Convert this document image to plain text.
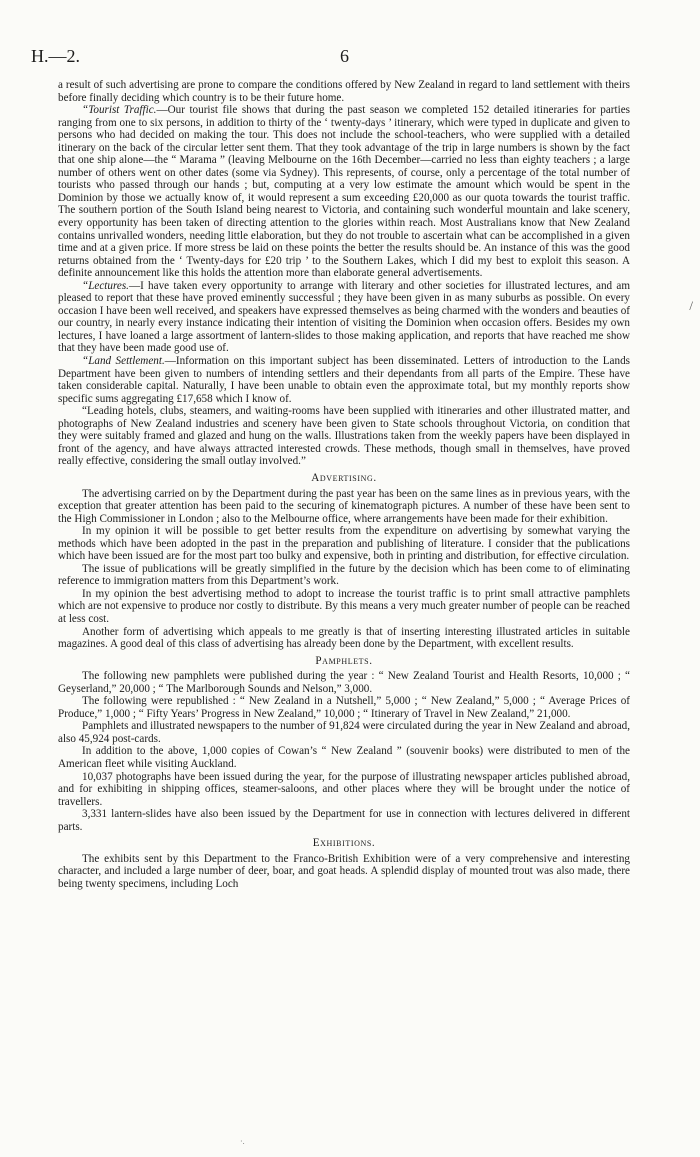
H.—2.	6
/

a result of such advertising are prone to compare the conditions offered by New Zealand in regard to land settlement with theirs before finally deciding which country is to be their future home.

“Tourist Traffic.—Our tourist file shows that during the past season we completed 152 detailed itineraries for parties ranging from one to six persons, in addition to thirty of the ‘ twenty-days ’ itinerary, which were typed in duplicate and given to persons who had decided on making the tour. This does not include the school-teachers, who were supplied with a detailed itinerary on the back of the circular letter sent them. That they took advantage of the trip in large numbers is shown by the fact that one ship alone—the “ Marama ” (leaving Melbourne on the 16th December—carried no less than eighty teachers ; a large number of others went on other dates (some via Sydney). This represents, of course, only a percentage of the total number of tourists who passed through our hands ; but, computing at a very low estimate the amount which would be spent in the Dominion by those we actually know of, it would represent a sum exceeding £20,000 as our quota towards the tourist traffic. The southern portion of the South Island being nearest to Victoria, and containing such wonderful mountain and lake scenery, every opportunity has been taken of directing attention to the glories within reach. Most Australians know that New Zealand contains unrivalled wonders, needing little elaboration, but they do not trouble to ascertain what can be accomplished in a given time and at a given price. If more stress be laid on these points the better the results should be. An instance of this was the good returns obtained from the ‘ Twenty-days for £20 trip ’ to the Southern Lakes, which I did my best to exploit this season. A definite announcement like this holds the attention more than elaborate general advertisements.

“Lectures.—I have taken every opportunity to arrange with literary and other societies for illustrated lectures, and am pleased to report that these have proved eminently successful ; they have been given in as many suburbs as possible. On every occasion I have been well received, and speakers have expressed themselves as being charmed with the wonders and beauties of our country, in nearly every instance indicating their intention of visiting the Dominion when occasion offers. Besides my own lectures, I have loaned a large assortment of lantern-slides to those making application, and reports that have reached me show that they have been made good use of.

“Land Settlement.—Information on this important subject has been disseminated. Letters of introduction to the Lands Department have been given to numbers of intending settlers and their dependants from all parts of the Empire. These have taken considerable capital. Naturally, I have been unable to obtain even the approximate total, but my monthly reports show specific sums aggregating £17,658 which I know of.

“Leading hotels, clubs, steamers, and waiting-rooms have been supplied with itineraries and other illustrated matter, and photographs of New Zealand industries and scenery have been given to State schools throughout Victoria, on condition that they were suitably framed and glazed and hung on the walls. Illustrations taken from the weekly papers have been displayed in front of the agency, and have always attracted interested crowds. These methods, though small in themselves, have proved really effective, considering the small outlay involved.”

Advertising.

The advertising carried on by the Department during the past year has been on the same lines as in previous years, with the exception that greater attention has been paid to the securing of kinematograph pictures. A number of these have been sent to the High Commissioner in London ; also to the Melbourne office, where arrangements have been made for their exhibition.

In my opinion it will be possible to get better results from the expenditure on advertising by somewhat varying the methods which have been adopted in the past in the preparation and publishing of literature. I consider that the publications which have been issued are for the most part too bulky and expensive, both in printing and distribution, for effective circulation.

The issue of publications will be greatly simplified in the future by the decision which has been come to of eliminating reference to immigration matters from this Department’s work.

In my opinion the best advertising method to adopt to increase the tourist traffic is to print small attractive pamphlets which are not expensive to produce nor costly to distribute. By this means a very much greater number of people can be reached at less cost.

Another form of advertising which appeals to me greatly is that of inserting interesting illustrated articles in suitable magazines. A good deal of this class of advertising has already been done by the Department, with excellent results.

Pamphlets.

The following new pamphlets were published during the year : “ New Zealand Tourist and Health Resorts, 10,000 ; “ Geyserland,” 20,000 ; “ The Marlborough Sounds and Nelson,” 3,000.

The following were republished : “ New Zealand in a Nutshell,” 5,000 ; “ New Zealand,” 5,000 ; “ Average Prices of Produce,” 1,000 ; “ Fifty Years’ Progress in New Zealand,” 10,000 ; “ Itinerary of Travel in New Zealand,” 21,000.

Pamphlets and illustrated newspapers to the number of 91,824 were circulated during the year in New Zealand and abroad, also 45,924 post-cards.

In addition to the above, 1,000 copies of Cowan’s “ New Zealand ” (souvenir books) were distributed to men of the American fleet while visiting Auckland.

10,037 photographs have been issued during the year, for the purpose of illustrating newspaper articles published abroad, and for exhibiting in shipping offices, steamer-saloons, and other places where they will be brought under the notice of travellers.

3,331 lantern-slides have also been issued by the Department for use in connection with lectures delivered in different parts.

Exhibitions.

The exhibits sent by this Department to the Franco-British Exhibition were of a very comprehensive and interesting character, and included a large number of deer, boar, and goat heads. A splendid display of mounted trout was also made, there being twenty specimens, including Loch

·.
